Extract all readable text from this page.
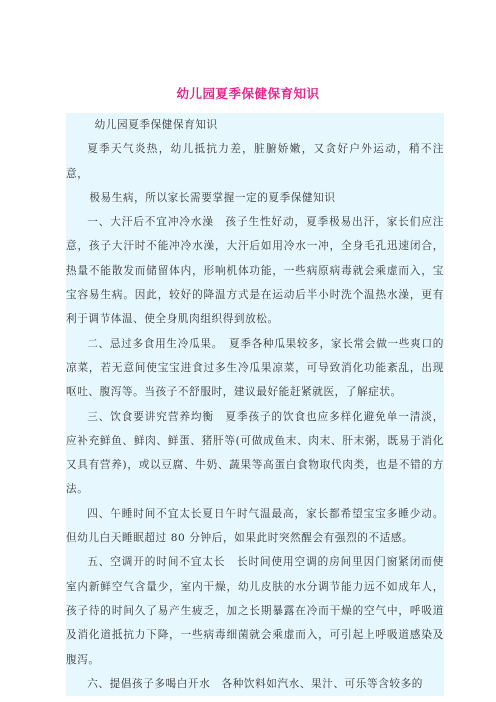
幼儿园夏季保健保育知识

幼儿园夏季保健保育知识

夏季天气炎热，幼儿抵抗力差，脏腑娇嫩，又贪好户外运动，稍不注意，

极易生病，所以家长需要掌握一定的夏季保健知识

一、大汗后不宜冲冷水澡　孩子生性好动，夏季极易出汗，家长们应注意，孩子大汗时不能冲冷水澡，大汗后如用冷水一冲，全身毛孔迅速闭合，热量不能散发而储留体内，形响机体功能，一些病原病毒就会乘虚而入，宝宝容易生病。因此，较好的降温方式是在运动后半小时洗个温热水澡，更有利于调节体温、使全身肌肉组织得到放松。

二、忌过多食用生冷瓜果。　夏季各种瓜果较多，家长常会做一些爽口的凉菜，若无意间使宝宝进食过多生冷瓜果凉菜，可导致消化功能紊乱，出现呕吐、腹泻等。当孩子不舒服时，建议最好能赶紧就医，了解症状。

三、饮食要讲究营养均衡　夏季孩子的饮食也应多样化避免单一清淡，应补充鲜鱼、鲜肉、鲜蛋、猪肝等(可做成鱼末、肉末、肝末粥，既易于消化又具有营养)，或以豆腐、牛奶、蔬果等高蛋白食物取代肉类，也是不错的方法。

四、午睡时间不宜太长夏日午时气温最高，家长都希望宝宝多睡少动。但幼儿白天睡眠超过 80 分钟后，如果此时突然醒会有强烈的不适感。

五、空调开的时间不宜太长　长时间使用空调的房间里因门窗紧闭而使室内新鲜空气含量少，室内干燥，幼儿皮肤的水分调节能力远不如成年人，孩子待的时间久了易产生疲乏，加之长期暴露在冷而干燥的空气中，呼吸道及消化道抵抗力下降，一些病毒细菌就会乘虚而入，可引起上呼吸道感染及腹泻。

六、提倡孩子多喝白开水　各种饮料如汽水、果汁、可乐等含较多的
